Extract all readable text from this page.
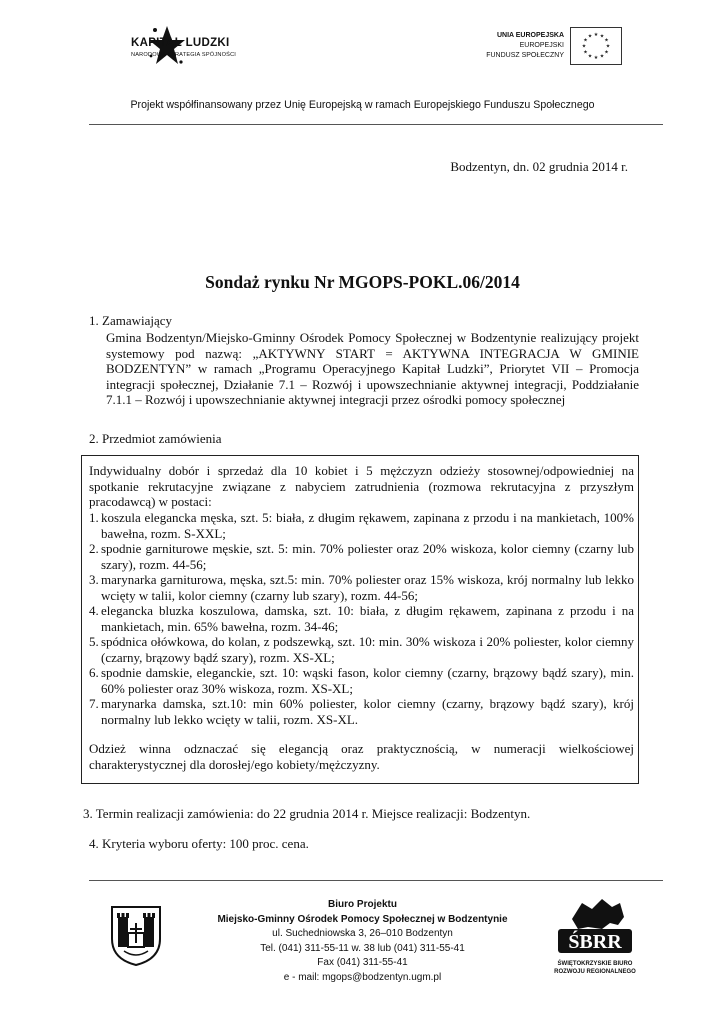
KAPITAŁ LUDZKI
NARODOWA STRATEGIA SPÓJNOŚCI
UNIA EUROPEJSKA
EUROPEJSKI
FUNDUSZ SPOŁECZNY
★ ★
★
★
★
★
★
★
★
★
★
★
Projekt współfinansowany przez Unię Europejską w ramach Europejskiego Funduszu Społecznego
Bodzentyn, dn. 02 grudnia 2014 r.
Sondaż rynku Nr MGOPS-POKL.06/2014
1. Zamawiający

Gmina Bodzentyn/Miejsko-Gminny Ośrodek Pomocy Społecznej w Bodzentynie realizujący projekt systemowy pod nazwą: „AKTYWNY START = AKTYWNA INTEGRACJA W GMINIE BODZENTYN” w ramach „Programu Operacyjnego Kapitał Ludzki”, Priorytet VII – Promocja integracji społecznej, Działanie 7.1 – Rozwój i upowszechnianie aktywnej integracji, Poddziałanie 7.1.1 – Rozwój i upowszechnianie aktywnej integracji przez ośrodki pomocy społecznej

2. Przedmiot zamówienia

Indywidualny dobór i sprzedaż dla 10 kobiet i 5 mężczyzn odzieży stosownej/odpowiedniej na spotkanie rekrutacyjne związane z nabyciem zatrudnienia (rozmowa rekrutacyjna z przyszłym pracodawcą) w postaci:

1. koszula elegancka męska, szt. 5: biała, z długim rękawem, zapinana z przodu i na mankietach, 100% bawełna, rozm. S-XXL;
2. spodnie garniturowe męskie, szt. 5: min. 70% poliester oraz 20% wiskoza, kolor ciemny (czarny lub szary), rozm. 44-56;
3. marynarka garniturowa, męska, szt.5: min. 70% poliester oraz 15% wiskoza, krój normalny lub lekko wcięty w talii, kolor ciemny (czarny lub szary), rozm. 44-56;
4. elegancka bluzka koszulowa, damska, szt. 10: biała, z długim rękawem, zapinana z przodu i na mankietach, min. 65% bawełna, rozm. 34-46;
5. spódnica ołówkowa, do kolan, z podszewką, szt. 10: min. 30% wiskoza i 20% poliester, kolor ciemny (czarny, brązowy bądź szary), rozm. XS-XL;
6. spodnie damskie, eleganckie, szt. 10: wąski fason, kolor ciemny (czarny, brązowy bądź szary), min. 60% poliester oraz 30% wiskoza, rozm. XS-XL;
7. marynarka damska, szt.10: min 60% poliester, kolor ciemny (czarny, brązowy bądź szary), krój normalny lub lekko wcięty w talii, rozm. XS-XL.

Odzież winna odznaczać się elegancją oraz praktycznością, w numeracji wielkościowej charakterystycznej dla dorosłej/ego kobiety/mężczyzny.

3. Termin realizacji zamówienia: do 22 grudnia 2014 r. Miejsce realizacji: Bodzentyn.
4. Kryteria wyboru oferty: 100 proc. cena.
Biuro Projektu
Miejsko-Gminny Ośrodek Pomocy Społecznej w Bodzentynie
ul. Suchedniowska 3, 26–010 Bodzentyn
Tel. (041) 311-55-11 w. 38 lub (041) 311-55-41
Fax (041) 311-55-41
e - mail: mgops@bodzentyn.ugm.pl
ŚBRR
ŚWIĘTOKRZYSKIE BIURO
ROZWOJU REGIONALNEGO
